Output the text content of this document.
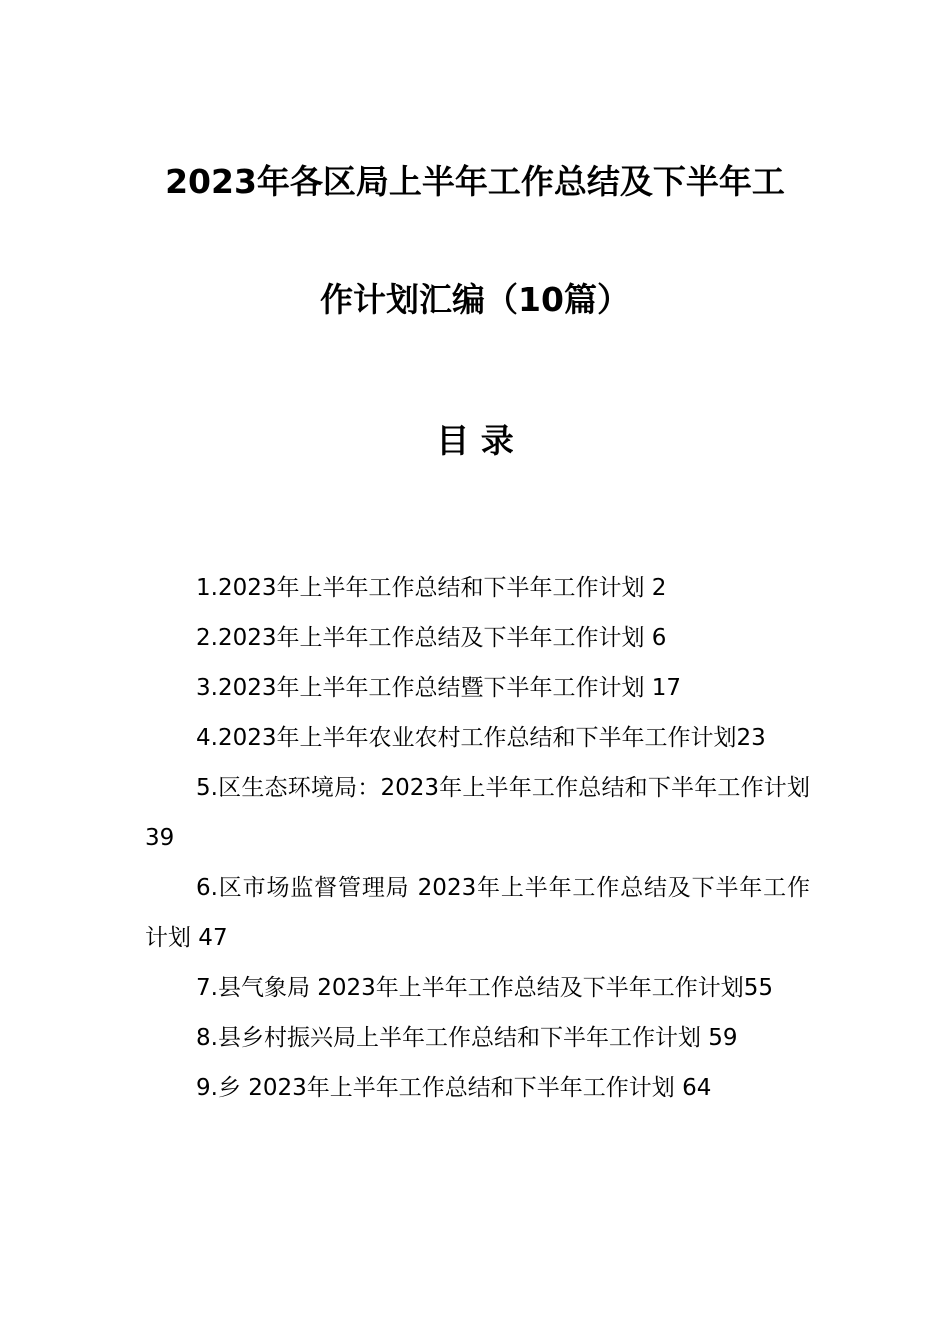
2023年各区局上半年工作总结及下半年工
作计划汇编（10篇）
目 录
1.2023年上半年工作总结和下半年工作计划 2
2.2023年上半年工作总结及下半年工作计划 6
3.2023年上半年工作总结暨下半年工作计划 17
4.2023年上半年农业农村工作总结和下半年工作计划23
5.区生态环境局：2023年上半年工作总结和下半年工作计划 39
6.区市场监督管理局 2023年上半年工作总结及下半年工作计划 47
7.县气象局 2023年上半年工作总结及下半年工作计划55
8.县乡村振兴局上半年工作总结和下半年工作计划 59
9.乡 2023年上半年工作总结和下半年工作计划 64
